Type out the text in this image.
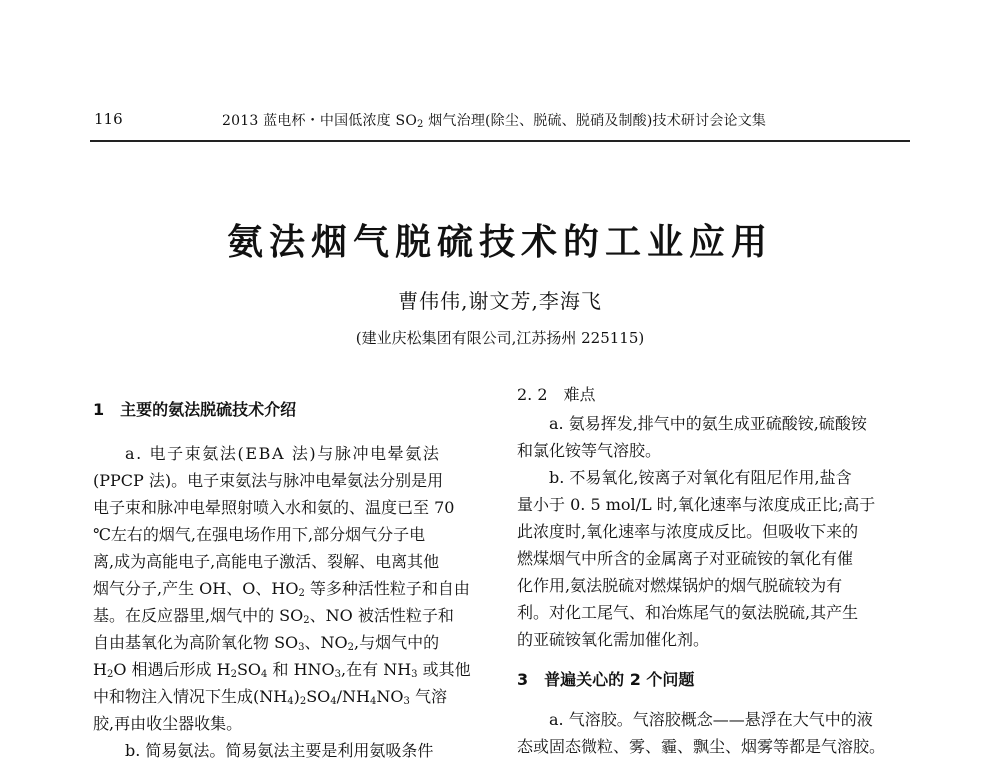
116	2013 蓝电杯・中国低浓度 $SO_2$ 烟气治理(除尘、脱硫、脱硝及制酸)技术研讨会论文集
氨法烟气脱硫技术的工业应用
曹伟伟,谢文芳,李海飞
(建业庆松集团有限公司,江苏扬州 225115)

1　主要的氨法脱硫技术介绍

a. 电子束氨法(EBA 法)与脉冲电晕氨法

(PPCP 法)。电子束氨法与脉冲电晕氨法分别是用

电子束和脉冲电晕照射喷入水和氨的、温度已至 70

℃左右的烟气,在强电场作用下,部分烟气分子电

离,成为高能电子,高能电子激活、裂解、电离其他

烟气分子,产生 OH、O、$HO_2$ 等多种活性粒子和自由

基。在反应器里,烟气中的 $SO_2$、NO 被活性粒子和

自由基氧化为高阶氧化物 $SO_3$、$NO_2$,与烟气中的

$H_2O$ 相遇后形成 $H_2SO_4$ 和 $HNO_3$,在有 $NH_3$ 或其他

中和物注入情况下生成$(NH_4)_2SO_4/NH_4NO_3$ 气溶

胶,再由收尘器收集。

b. 简易氨法。简易氨法主要是利用氨吸条件

2. 2　难点

a. 氨易挥发,排气中的氨生成亚硫酸铵,硫酸铵

和氯化铵等气溶胶。

b. 不易氧化,铵离子对氧化有阻尼作用,盐含

量小于 0. 5 mol/L 时,氧化速率与浓度成正比;高于

此浓度时,氧化速率与浓度成反比。但吸收下来的

燃煤烟气中所含的金属离子对亚硫铵的氧化有催

化作用,氨法脱硫对燃煤锅炉的烟气脱硫较为有

利。对化工尾气、和冶炼尾气的氨法脱硫,其产生

的亚硫铵氧化需加催化剂。

3　普遍关心的 2 个问题

a. 气溶胶。气溶胶概念——悬浮在大气中的液

态或固态微粒、雾、霾、飘尘、烟雾等都是气溶胶。
